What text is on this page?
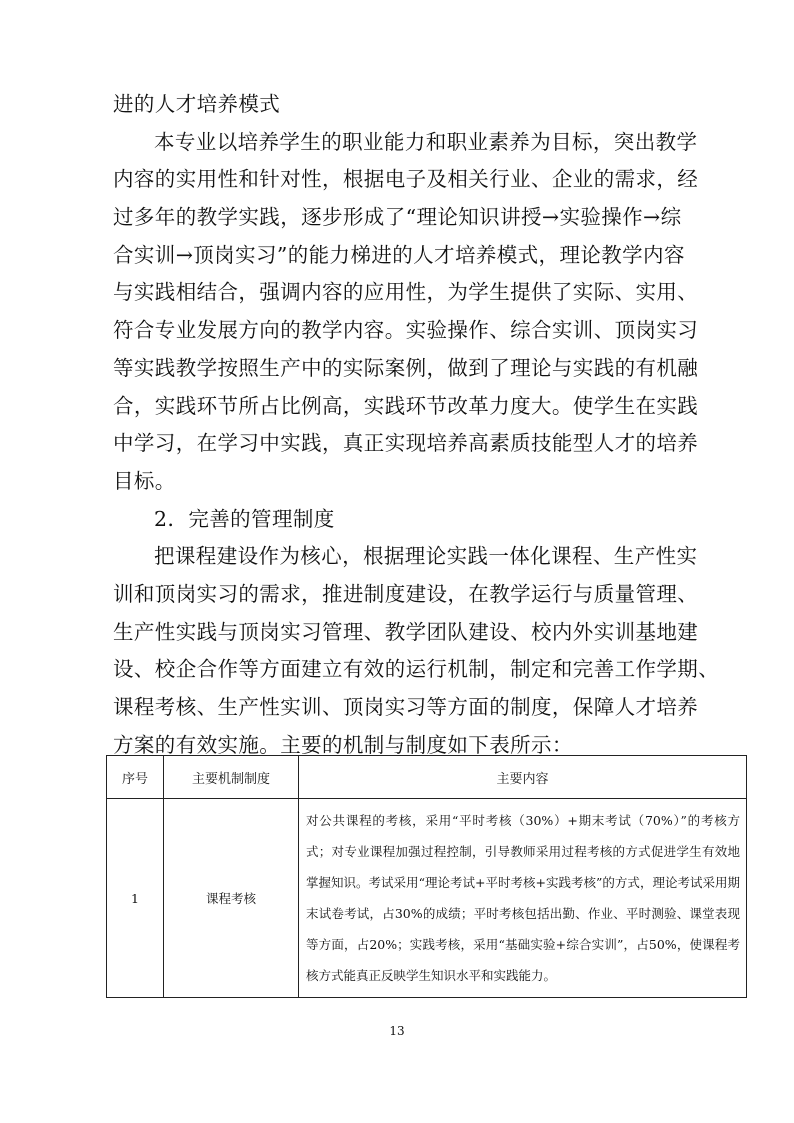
进的人才培养模式
本专业以培养学生的职业能力和职业素养为目标，突出教学
内容的实用性和针对性，根据电子及相关行业、企业的需求，经
过多年的教学实践，逐步形成了“理论知识讲授→实验操作→综
合实训→顶岗实习”的能力梯进的人才培养模式，理论教学内容
与实践相结合，强调内容的应用性，为学生提供了实际、实用、
符合专业发展方向的教学内容。实验操作、综合实训、顶岗实习
等实践教学按照生产中的实际案例，做到了理论与实践的有机融
合，实践环节所占比例高，实践环节改革力度大。使学生在实践
中学习，在学习中实践，真正实现培养高素质技能型人才的培养
目标。
2．完善的管理制度
把课程建设作为核心，根据理论实践一体化课程、生产性实
训和顶岗实习的需求，推进制度建设，在教学运行与质量管理、
生产性实践与顶岗实习管理、教学团队建设、校内外实训基地建
设、校企合作等方面建立有效的运行机制，制定和完善工作学期、
课程考核、生产性实训、顶岗实习等方面的制度，保障人才培养
方案的有效实施。主要的机制与制度如下表所示：
序号	主要机制制度	主要内容
1	课程考核	对公共课程的考核，采用“平时考核（30%）+期末考试（70%）”的考核方式；对专业课程加强过程控制，引导教师采用过程考核的方式促进学生有效地掌握知识。考试采用“理论考试+平时考核+实践考核”的方式，理论考试采用期末试卷考试，占30%的成绩；平时考核包括出勤、作业、平时测验、课堂表现等方面，占20%；实践考核，采用“基础实验+综合实训”，占50%，使课程考核方式能真正反映学生知识水平和实践能力。
13
